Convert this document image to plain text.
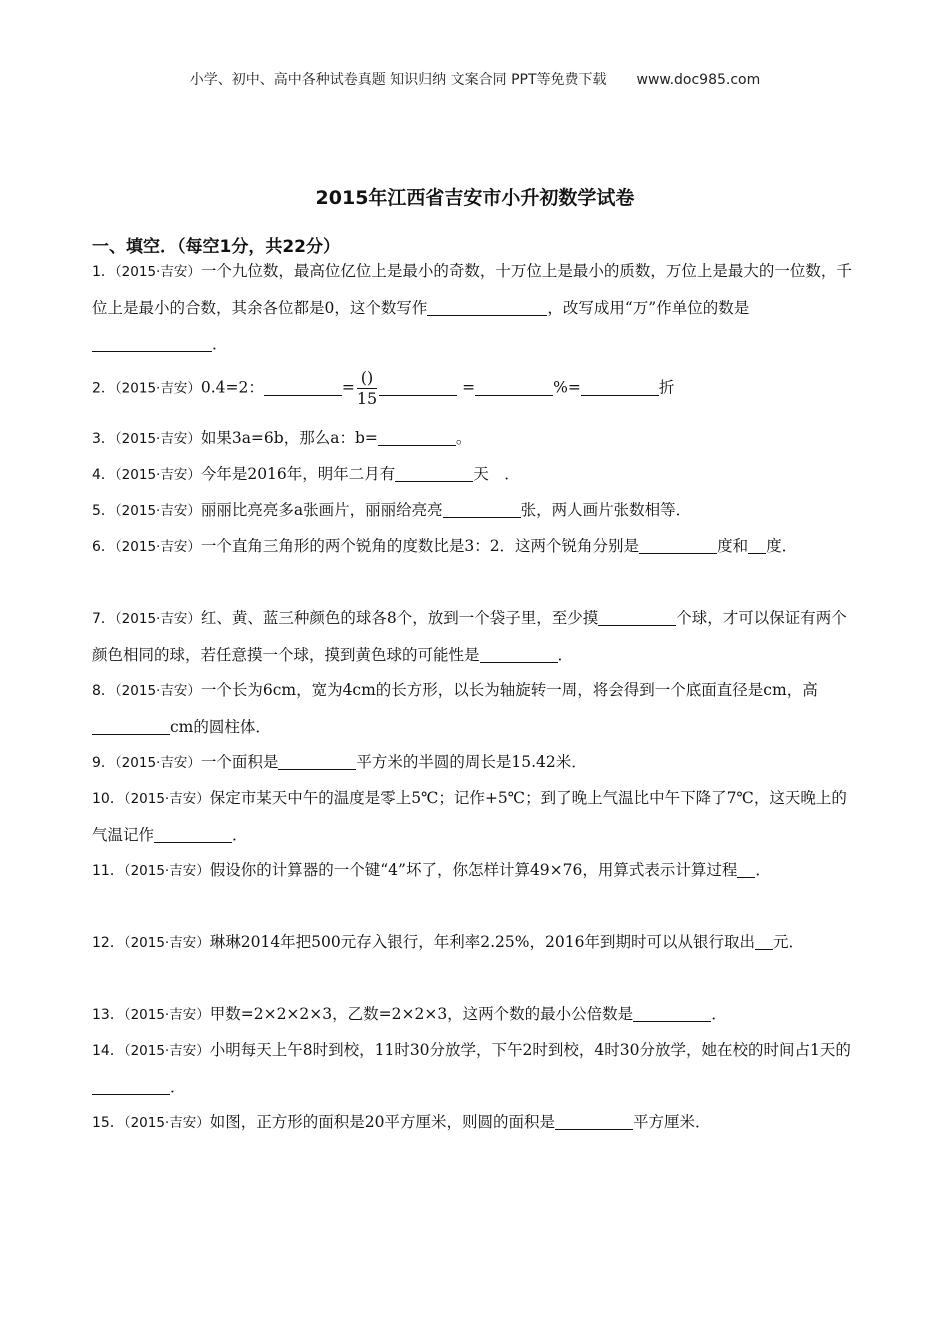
小学、初中、高中各种试卷真题 知识归纳 文案合同 PPT等免费下载 www.doc985.com
2015年江西省吉安市小升初数学试卷
一、填空．（每空1分，共22分）
1．（2015·吉安）一个九位数，最高位亿位上是最小的奇数，十万位上是最小的质数，万位上是最大的一位数，千位上是最小的合数，其余各位都是0，这个数写作	，改写成用“万”作单位的数是．
2．（2015·吉安）0.4=2：	= $\frac{()}{15}$	=	%=	折
3．（2015·吉安）如果3a=6b，那么a：b=	。
4．（2015·吉安）今年是2016年，明年二月有	天　．
5．（2015·吉安）丽丽比亮亮多a张画片，丽丽给亮亮	张，两人画片张数相等．
6．（2015·吉安）一个直角三角形的两个锐角的度数比是3：2．这两个锐角分别是	度和 度．
7．（2015·吉安）红、黄、蓝三种颜色的球各8个，放到一个袋子里，至少摸	个球，才可以保证有两个颜色相同的球，若任意摸一个球，摸到黄色球的可能性是	．
8．（2015·吉安）一个长为6cm，宽为4cm的长方形，以长为轴旋转一周，将会得到一个底面直径是cm，高cm的圆柱体．
9．（2015·吉安）一个面积是	平方米的半圆的周长是15.42米．
10．（2015·吉安）保定市某天中午的温度是零上5℃；记作+5℃；到了晚上气温比中午下降了7℃，这天晚上的气温记作	．
11．（2015·吉安）假设你的计算器的一个键“4”坏了，你怎样计算49×76，用算式表示计算过程 ．
12．（2015·吉安）琳琳2014年把500元存入银行，年利率2.25%，2016年到期时可以从银行取出 元．
13．（2015·吉安）甲数=2×2×2×3，乙数=2×2×3，这两个数的最小公倍数是	．
14．（2015·吉安）小明每天上午8时到校，11时30分放学，下午2时到校，4时30分放学，她在校的时间占1天的．
15．（2015·吉安）如图，正方形的面积是20平方厘米，则圆的面积是	平方厘米．
